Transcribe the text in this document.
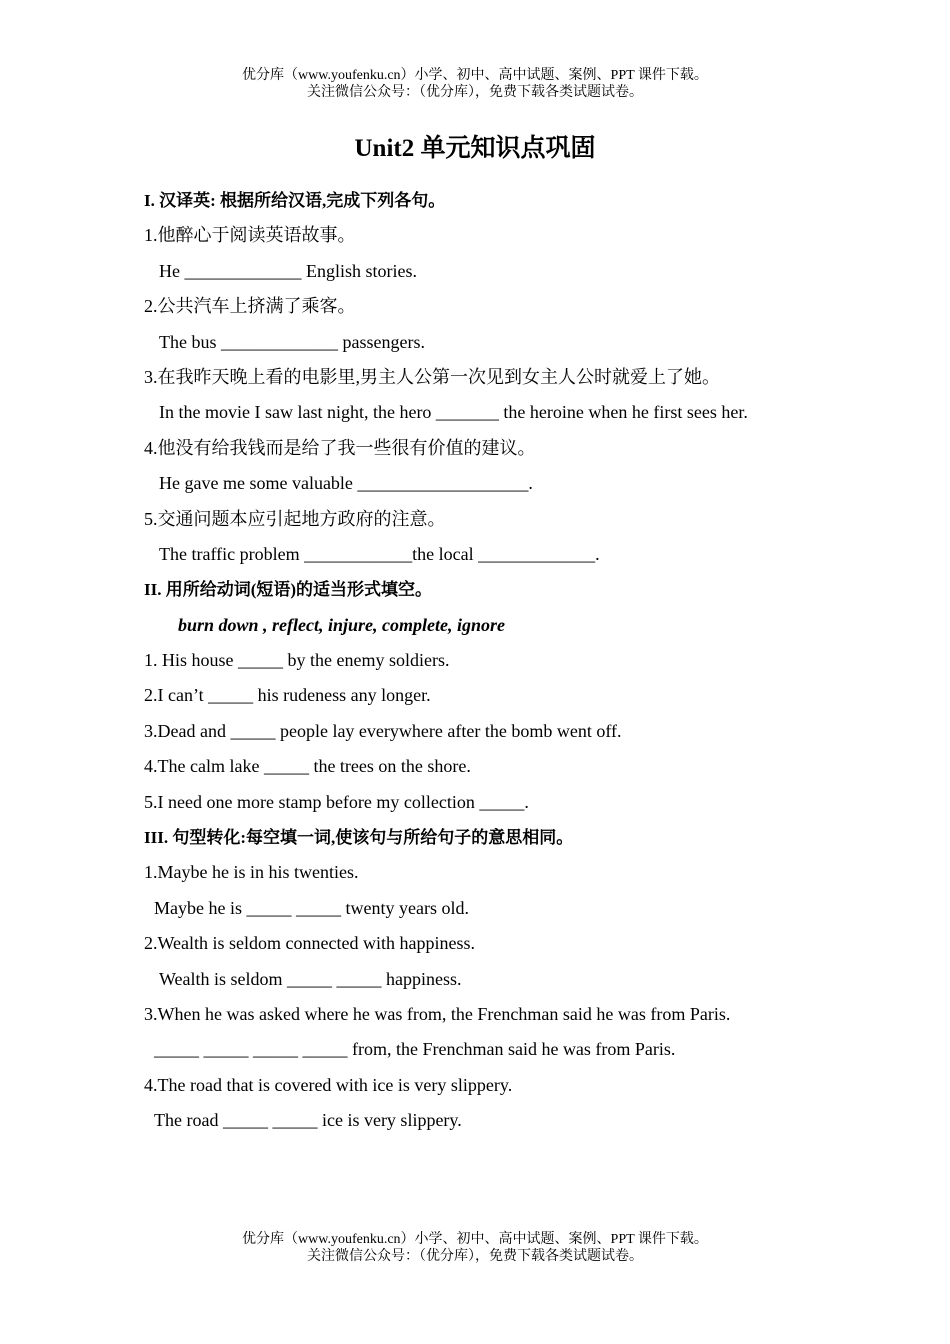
优分库（www.youfenku.cn）小学、初中、高中试题、案例、PPT 课件下载。
关注微信公众号：（优分库），免费下载各类试题试卷。
Unit2 单元知识点巩固
I. 汉译英: 根据所给汉语,完成下列各句。
1.他醉心于阅读英语故事。
He _____________ English stories.
2.公共汽车上挤满了乘客。
The bus _____________ passengers.
3.在我昨天晚上看的电影里,男主人公第一次见到女主人公时就爱上了她。
In the movie I saw last night, the hero _______ the heroine when he first sees her.
4.他没有给我钱而是给了我一些很有价值的建议。
He gave me some valuable ___________________.
5.交通问题本应引起地方政府的注意。
The traffic problem ____________the local _____________.
II. 用所给动词(短语)的适当形式填空。
burn down , reflect, injure, complete, ignore
1. His house _____ by the enemy soldiers.
2.I can’t _____ his rudeness any longer.
3.Dead and _____ people lay everywhere after the bomb went off.
4.The calm lake _____ the trees on the shore.
5.I need one more stamp before my collection _____.
III. 句型转化:每空填一词,使该句与所给句子的意思相同。
1.Maybe he is in his twenties.
Maybe he is _____ _____ twenty years old.
2.Wealth is seldom connected with happiness.
Wealth is seldom _____ _____ happiness.
3.When he was asked where he was from, the Frenchman said he was from Paris.
_____ _____ _____ _____ from, the Frenchman said he was from Paris.
4.The road that is covered with ice is very slippery.
The road _____ _____ ice is very slippery.
优分库（www.youfenku.cn）小学、初中、高中试题、案例、PPT 课件下载。
关注微信公众号：（优分库），免费下载各类试题试卷。
